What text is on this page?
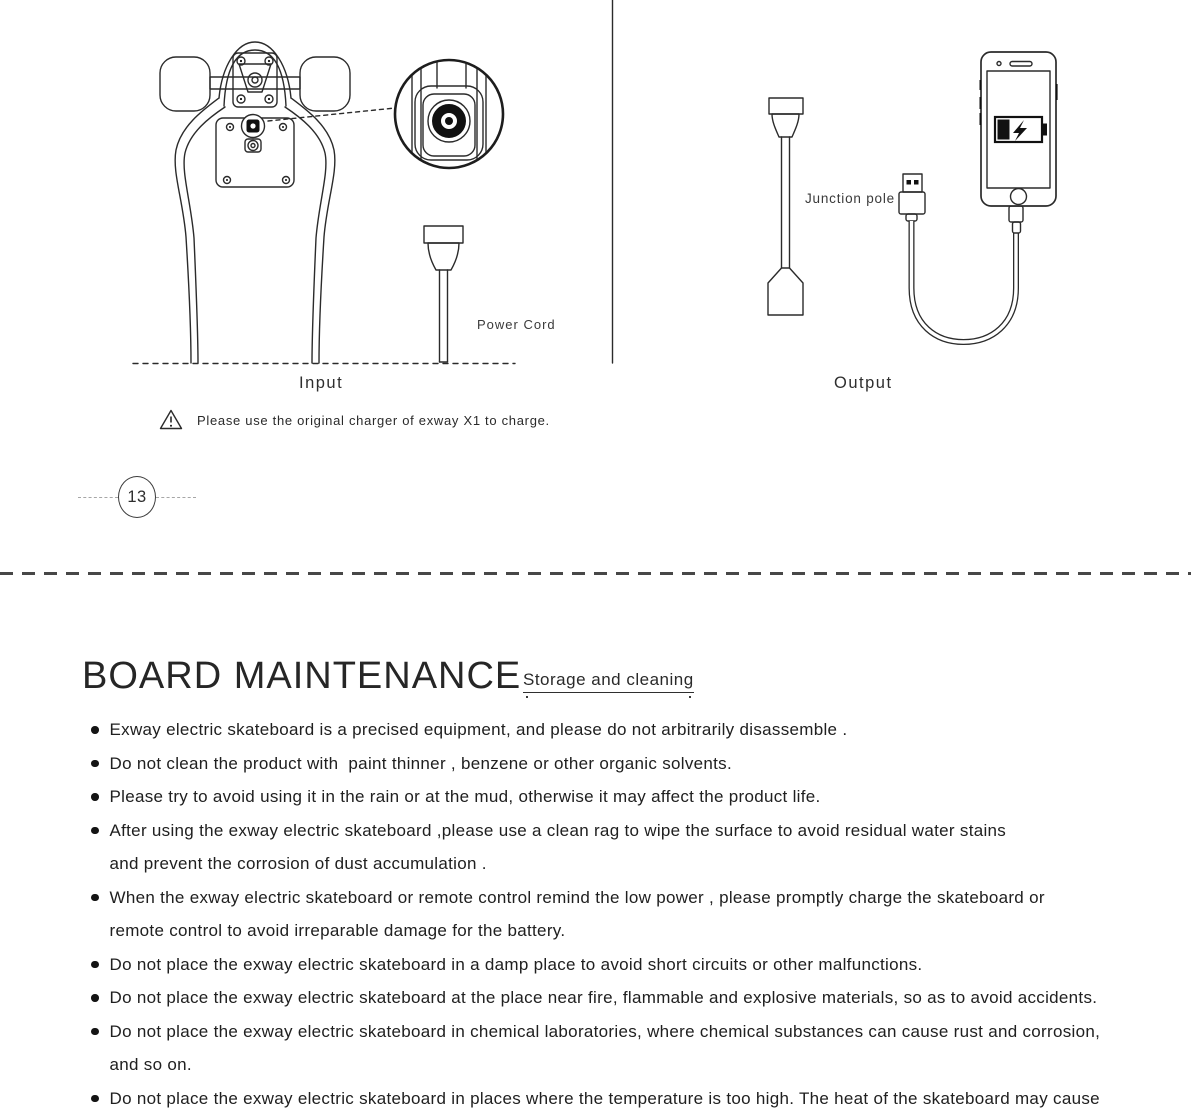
Power Cord
Junction pole
Input	Output
Please use the original charger of exway X1 to charge.
13
BOARD MAINTENANCE Storage and cleaning
Exway electric skateboard is a precised equipment, and please do not arbitrarily disassemble .
Do not clean the product with  paint thinner , benzene or other organic solvents.
Please try to avoid using it in the rain or at the mud, otherwise it may affect the product life.
After using the exway electric skateboard ,please use a clean rag to wipe the surface to avoid residual water stains
and prevent the corrosion of dust accumulation .
When the exway electric skateboard or remote control remind the low power , please promptly charge the skateboard or
remote control to avoid irreparable damage for the battery.
Do not place the exway electric skateboard in a damp place to avoid short circuits or other malfunctions.
Do not place the exway electric skateboard at the place near fire, flammable and explosive materials, so as to avoid accidents.
Do not place the exway electric skateboard in chemical laboratories, where chemical substances can cause rust and corrosion,
and so on.
Do not place the exway electric skateboard in places where the temperature is too high. The heat of the skateboard may cause
